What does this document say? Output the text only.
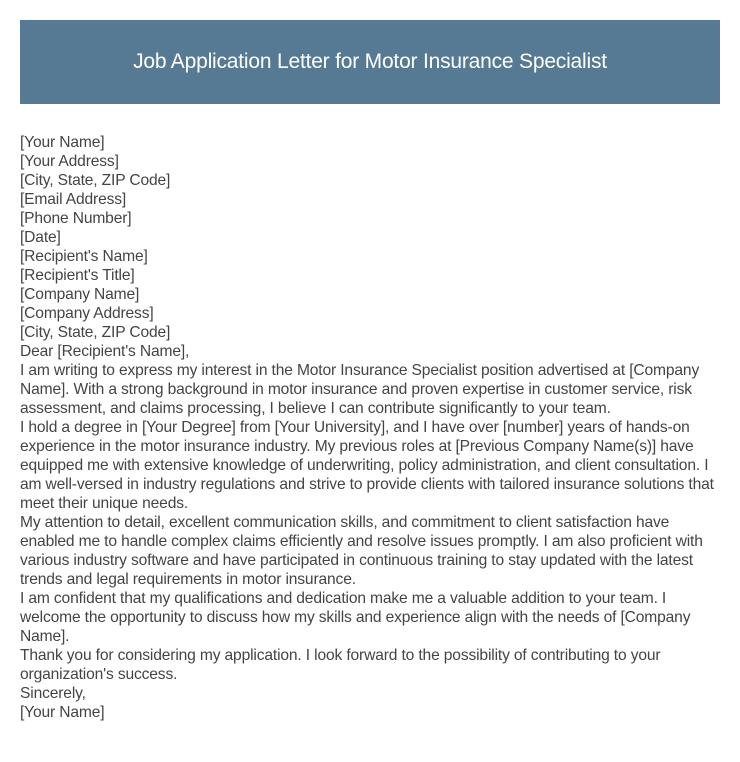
Job Application Letter for Motor Insurance Specialist

[Your Name]

[Your Address]

[City, State, ZIP Code]

[Email Address]

[Phone Number]

[Date]

[Recipient's Name]

[Recipient's Title]

[Company Name]

[Company Address]

[City, State, ZIP Code]

Dear [Recipient's Name],

I am writing to express my interest in the Motor Insurance Specialist position advertised at [Company Name]. With a strong background in motor insurance and proven expertise in customer service, risk assessment, and claims processing, I believe I can contribute significantly to your team.

I hold a degree in [Your Degree] from [Your University], and I have over [number] years of hands-on experience in the motor insurance industry. My previous roles at [Previous Company Name(s)] have equipped me with extensive knowledge of underwriting, policy administration, and client consultation. I am well-versed in industry regulations and strive to provide clients with tailored insurance solutions that meet their unique needs.

My attention to detail, excellent communication skills, and commitment to client satisfaction have enabled me to handle complex claims efficiently and resolve issues promptly. I am also proficient with various industry software and have participated in continuous training to stay updated with the latest trends and legal requirements in motor insurance.

I am confident that my qualifications and dedication make me a valuable addition to your team. I welcome the opportunity to discuss how my skills and experience align with the needs of [Company Name].

Thank you for considering my application. I look forward to the possibility of contributing to your organization's success.

Sincerely,

[Your Name]
